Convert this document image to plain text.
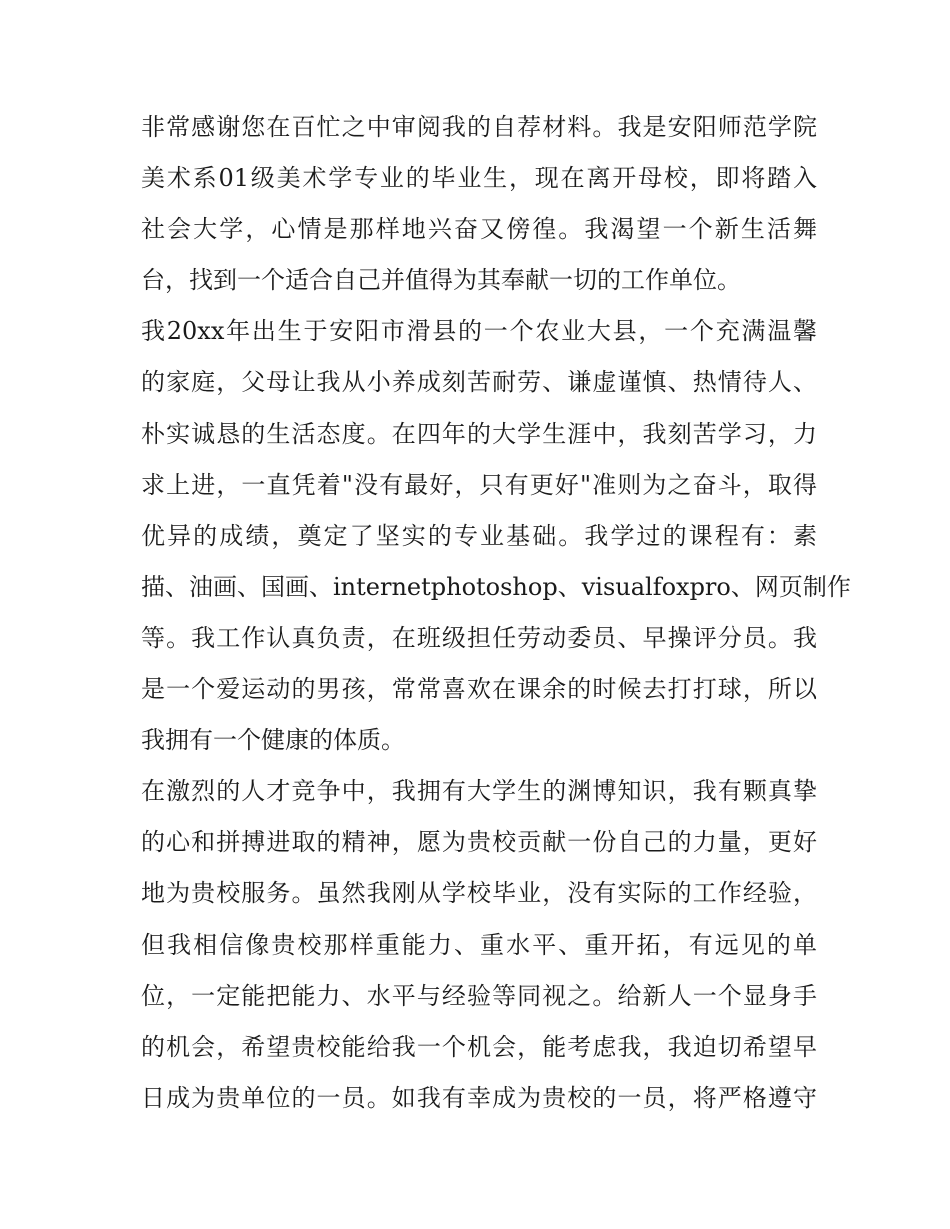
非常感谢您在百忙之中审阅我的自荐材料。我是安阳师范学院
美术系01级美术学专业的毕业生，现在离开母校，即将踏入
社会大学，心情是那样地兴奋又傍徨。我渴望一个新生活舞
台，找到一个适合自己并值得为其奉献一切的工作单位。
我20xx年出生于安阳市滑县的一个农业大县，一个充满温馨
的家庭，父母让我从小养成刻苦耐劳、谦虚谨慎、热情待人、
朴实诚恳的生活态度。在四年的大学生涯中，我刻苦学习，力
求上进，一直凭着"没有最好，只有更好"准则为之奋斗，取得
优异的成绩，奠定了坚实的专业基础。我学过的课程有：素
描、油画、国画、internetphotoshop、visualfoxpro、网页制作
等。我工作认真负责，在班级担任劳动委员、早操评分员。我
是一个爱运动的男孩，常常喜欢在课余的时候去打打球，所以
我拥有一个健康的体质。
在激烈的人才竞争中，我拥有大学生的渊博知识，我有颗真挚
的心和拼搏进取的精神，愿为贵校贡献一份自己的力量，更好
地为贵校服务。虽然我刚从学校毕业，没有实际的工作经验，
但我相信像贵校那样重能力、重水平、重开拓，有远见的单
位，一定能把能力、水平与经验等同视之。给新人一个显身手
的机会，希望贵校能给我一个机会，能考虑我，我迫切希望早
日成为贵单位的一员。如我有幸成为贵校的一员，将严格遵守
